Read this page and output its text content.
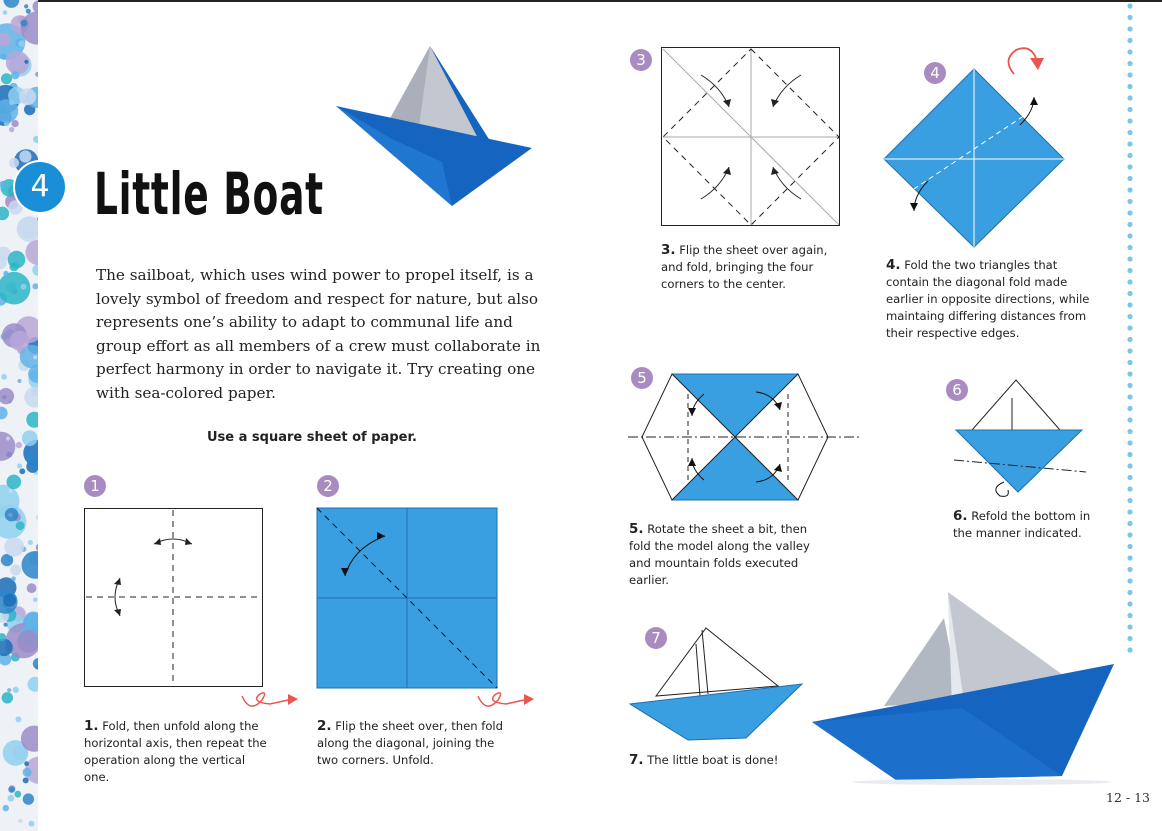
4 Little Boat
The sailboat, which uses wind power to propel itself, is a lovely symbol of freedom and respect for nature, but also represents one’s ability to adapt to communal life and group effort as all members of a crew must collaborate in perfect harmony in order to navigate it. Try creating one with sea-colored paper.
Use a square sheet of paper.
1
1. Fold, then unfold along the horizontal axis, then repeat the operation along the vertical one.
2
2. Flip the sheet over, then fold along the diagonal, joining the two corners. Unfold.
3
3. Flip the sheet over again, and fold, bringing the four corners to the center.
4
4. Fold the two triangles that contain the diagonal fold made earlier in opposite directions, while maintaing differing distances from their respective edges.
5
5. Rotate the sheet a bit, then fold the model along the valley and mountain folds executed earlier.
6
6. Refold the bottom in the manner indicated.
7
7. The little boat is done!
12 - 13
